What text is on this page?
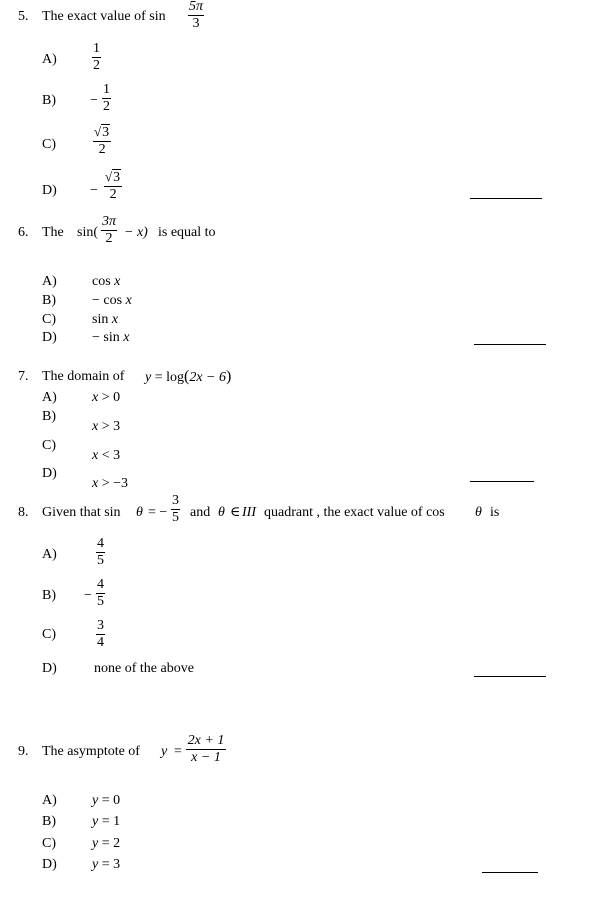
5. The exact value of sin
5π
3
A)
1
2
B) −
1
2
C)
√3
2
D) −
√3
2
6. The sin(
3π
2 − x) is equal to
A)	cos x
B)	− cos x
C)	sin x
D)	− sin x
7. The domain of y = log(2x − 6)
A)	x > 0
B)
x > 3
C)
x < 3
D)
x > −3
8. Given that sin θ = −
3
5 and θ ∈ III quadrant , the exact value of cos θ is
A)
4
5
B) −
4
5
C)
3
4
D)	none of the above
9. The asymptote of y =
2x + 1
x − 1
A)	y = 0
B)	y = 1
C)	y = 2
D)	y = 3
